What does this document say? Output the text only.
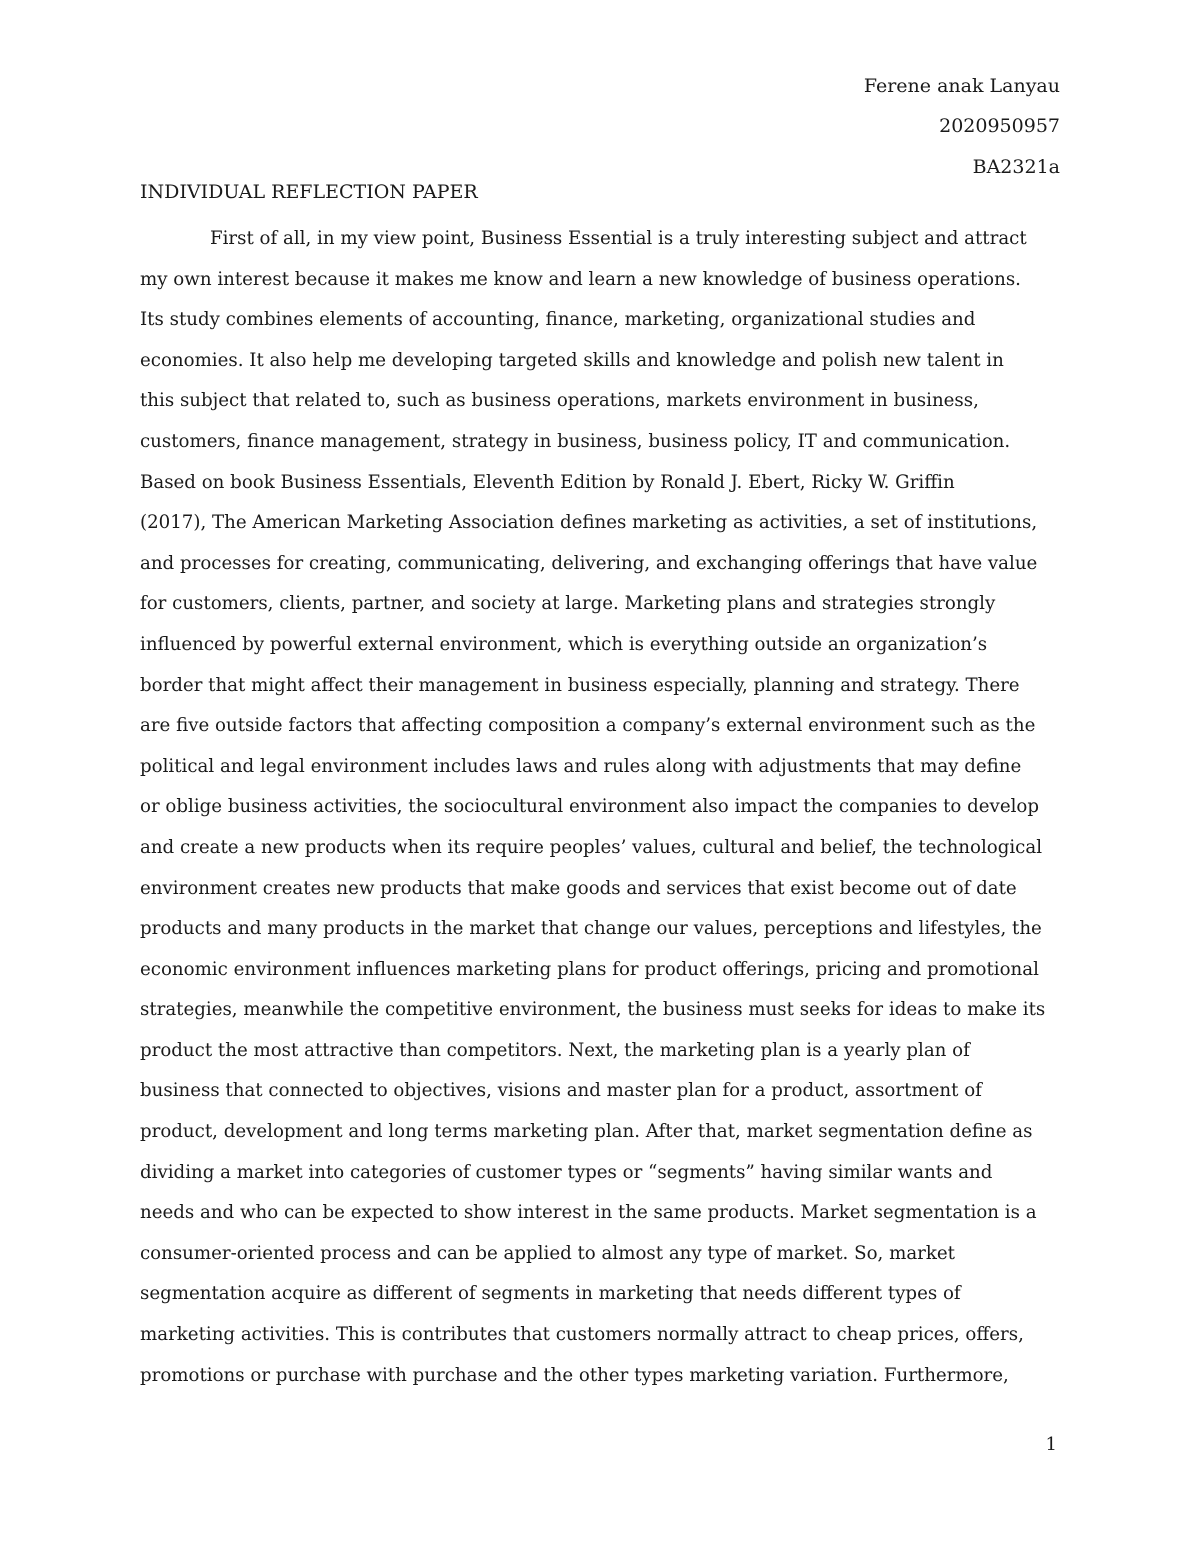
Ferene anak Lanyau
2020950957
BA2321a
INDIVIDUAL REFLECTION PAPER
First of all, in my view point, Business Essential is a truly interesting subject and attract
my own interest because it makes me know and learn a new knowledge of business operations.
Its study combines elements of accounting, finance, marketing, organizational studies and
economies. It also help me developing targeted skills and knowledge and polish new talent in
this subject that related to, such as business operations, markets environment in business,
customers, finance management, strategy in business, business policy, IT and communication.
Based on book Business Essentials, Eleventh Edition by Ronald J. Ebert, Ricky W. Griffin
(2017), The American Marketing Association defines marketing as activities, a set of institutions,
and processes for creating, communicating, delivering, and exchanging offerings that have value
for customers, clients, partner, and society at large. Marketing plans and strategies strongly
influenced by powerful external environment, which is everything outside an organization’s
border that might affect their management in business especially, planning and strategy. There
are five outside factors that affecting composition a company’s external environment such as the
political and legal environment includes laws and rules along with adjustments that may define
or oblige business activities, the sociocultural environment also impact the companies to develop
and create a new products when its require peoples’ values, cultural and belief, the technological
environment creates new products that make goods and services that exist become out of date
products and many products in the market that change our values, perceptions and lifestyles, the
economic environment influences marketing plans for product offerings, pricing and promotional
strategies, meanwhile the competitive environment, the business must seeks for ideas to make its
product the most attractive than competitors. Next, the marketing plan is a yearly plan of
business that connected to objectives, visions and master plan for a product, assortment of
product, development and long terms marketing plan. After that, market segmentation define as
dividing a market into categories of customer types or “segments” having similar wants and
needs and who can be expected to show interest in the same products. Market segmentation is a
consumer-oriented process and can be applied to almost any type of market. So, market
segmentation acquire as different of segments in marketing that needs different types of
marketing activities. This is contributes that customers normally attract to cheap prices, offers,
promotions or purchase with purchase and the other types marketing variation. Furthermore,
1
